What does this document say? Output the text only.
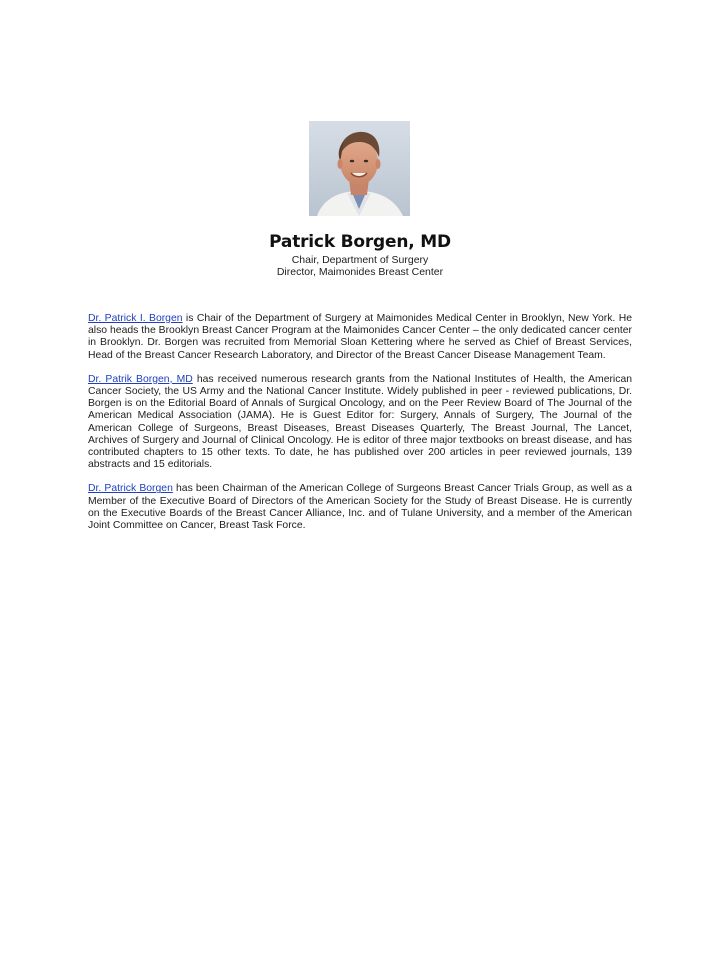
Patrick Borgen, MD
Chair, Department of Surgery
Director, Maimonides Breast Center

Dr. Patrick I. Borgen is Chair of the Department of Surgery at Maimonides Medical Center in Brooklyn, New York. He also heads the Brooklyn Breast Cancer Program at the Maimonides Cancer Center – the only dedicated cancer center in Brooklyn. Dr. Borgen was recruited from Memorial Sloan Kettering where he served as Chief of Breast Services, Head of the Breast Cancer Research Laboratory, and Director of the Breast Cancer Disease Management Team.

Dr. Patrik Borgen, MD has received numerous research grants from the National Institutes of Health, the American Cancer Society, the US Army and the National Cancer Institute. Widely published in peer - reviewed publications, Dr. Borgen is on the Editorial Board of Annals of Surgical Oncology, and on the Peer Review Board of The Journal of the American Medical Association (JAMA). He is Guest Editor for: Surgery, Annals of Surgery, The Journal of the American College of Surgeons, Breast Diseases, Breast Diseases Quarterly, The Breast Journal, The Lancet, Archives of Surgery and Journal of Clinical Oncology. He is editor of three major textbooks on breast disease, and has contributed chapters to 15 other texts. To date, he has published over 200 articles in peer reviewed journals, 139 abstracts and 15 editorials.

Dr. Patrick Borgen has been Chairman of the American College of Surgeons Breast Cancer Trials Group, as well as a Member of the Executive Board of Directors of the American Society for the Study of Breast Disease. He is currently on the Executive Boards of the Breast Cancer Alliance, Inc. and of Tulane University, and a member of the American Joint Committee on Cancer, Breast Task Force.
